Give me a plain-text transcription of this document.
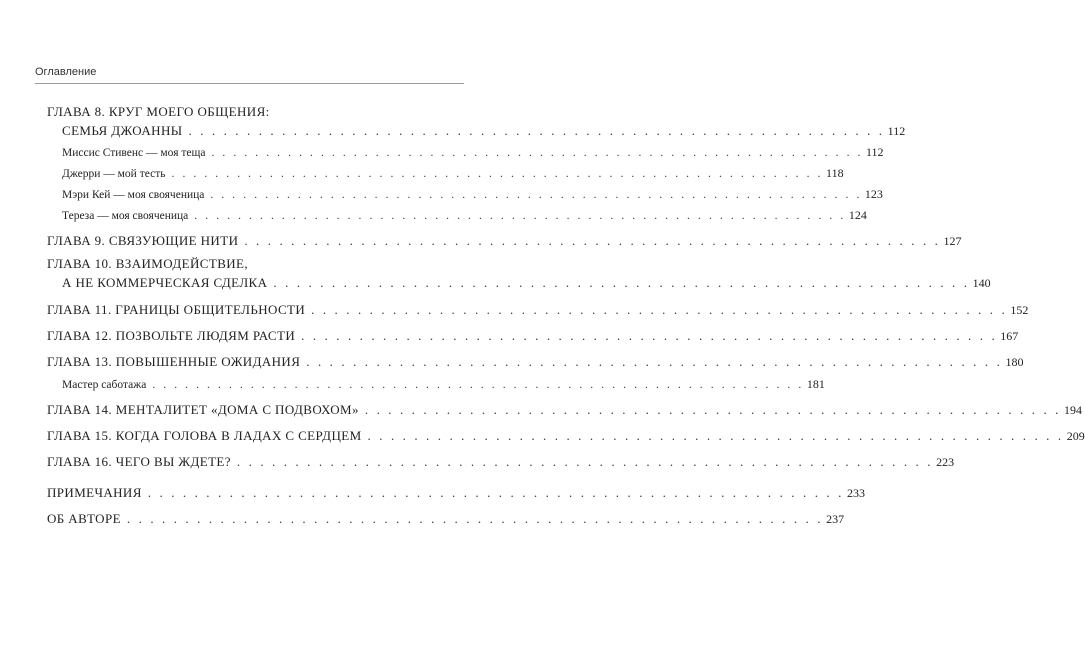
Оглавление
ГЛАВА 8. КРУГ МОЕГО ОБЩЕНИЯ:
СЕМЬЯ ДЖОАННЫ . . . . . . . . . . . . . . . . . . . . . . . . . . . . . . . . . . . . . . . . . . . . . . . . . . . . . . . . . . . . 112
Миссис Стивенс — моя теща . . . . . . . . . . . . . . . . . . . . . . . . . . . . . . . . . . . . . . . . . . . . . . . . . . . . . . . . . . . . 112
Джерри — мой тесть . . . . . . . . . . . . . . . . . . . . . . . . . . . . . . . . . . . . . . . . . . . . . . . . . . . . . . . . . . . . 118
Мэри Кей — моя свояченица . . . . . . . . . . . . . . . . . . . . . . . . . . . . . . . . . . . . . . . . . . . . . . . . . . . . . . . . . . . . 123
Тереза — моя свояченица . . . . . . . . . . . . . . . . . . . . . . . . . . . . . . . . . . . . . . . . . . . . . . . . . . . . . . . . . . . . 124
ГЛАВА 9. СВЯЗУЮЩИЕ НИТИ . . . . . . . . . . . . . . . . . . . . . . . . . . . . . . . . . . . . . . . . . . . . . . . . . . . . . . . . . . . . 127
ГЛАВА 10. ВЗАИМОДЕЙСТВИЕ,
А НЕ КОММЕРЧЕСКАЯ СДЕЛКА . . . . . . . . . . . . . . . . . . . . . . . . . . . . . . . . . . . . . . . . . . . . . . . . . . . . . . . . . . . . 140
ГЛАВА 11. ГРАНИЦЫ ОБЩИТЕЛЬНОСТИ . . . . . . . . . . . . . . . . . . . . . . . . . . . . . . . . . . . . . . . . . . . . . . . . . . . . . . . . . . . . 152
ГЛАВА 12. ПОЗВОЛЬТЕ ЛЮДЯМ РАСТИ . . . . . . . . . . . . . . . . . . . . . . . . . . . . . . . . . . . . . . . . . . . . . . . . . . . . . . . . . . . . 167
ГЛАВА 13. ПОВЫШЕННЫЕ ОЖИДАНИЯ . . . . . . . . . . . . . . . . . . . . . . . . . . . . . . . . . . . . . . . . . . . . . . . . . . . . . . . . . . . . 180
Мастер саботажа . . . . . . . . . . . . . . . . . . . . . . . . . . . . . . . . . . . . . . . . . . . . . . . . . . . . . . . . . . . . 181
ГЛАВА 14. МЕНТАЛИТЕТ «ДОМА С ПОДВОХОМ» . . . . . . . . . . . . . . . . . . . . . . . . . . . . . . . . . . . . . . . . . . . . . . . . . . . . . . . . . . . . 194
ГЛАВА 15. КОГДА ГОЛОВА В ЛАДАХ С СЕРДЦЕМ . . . . . . . . . . . . . . . . . . . . . . . . . . . . . . . . . . . . . . . . . . . . . . . . . . . . . . . . . . . . 209
ГЛАВА 16. ЧЕГО ВЫ ЖДЕТЕ? . . . . . . . . . . . . . . . . . . . . . . . . . . . . . . . . . . . . . . . . . . . . . . . . . . . . . . . . . . . . 223
ПРИМЕЧАНИЯ . . . . . . . . . . . . . . . . . . . . . . . . . . . . . . . . . . . . . . . . . . . . . . . . . . . . . . . . . . . . 233
ОБ АВТОРЕ . . . . . . . . . . . . . . . . . . . . . . . . . . . . . . . . . . . . . . . . . . . . . . . . . . . . . . . . . . . . 237
